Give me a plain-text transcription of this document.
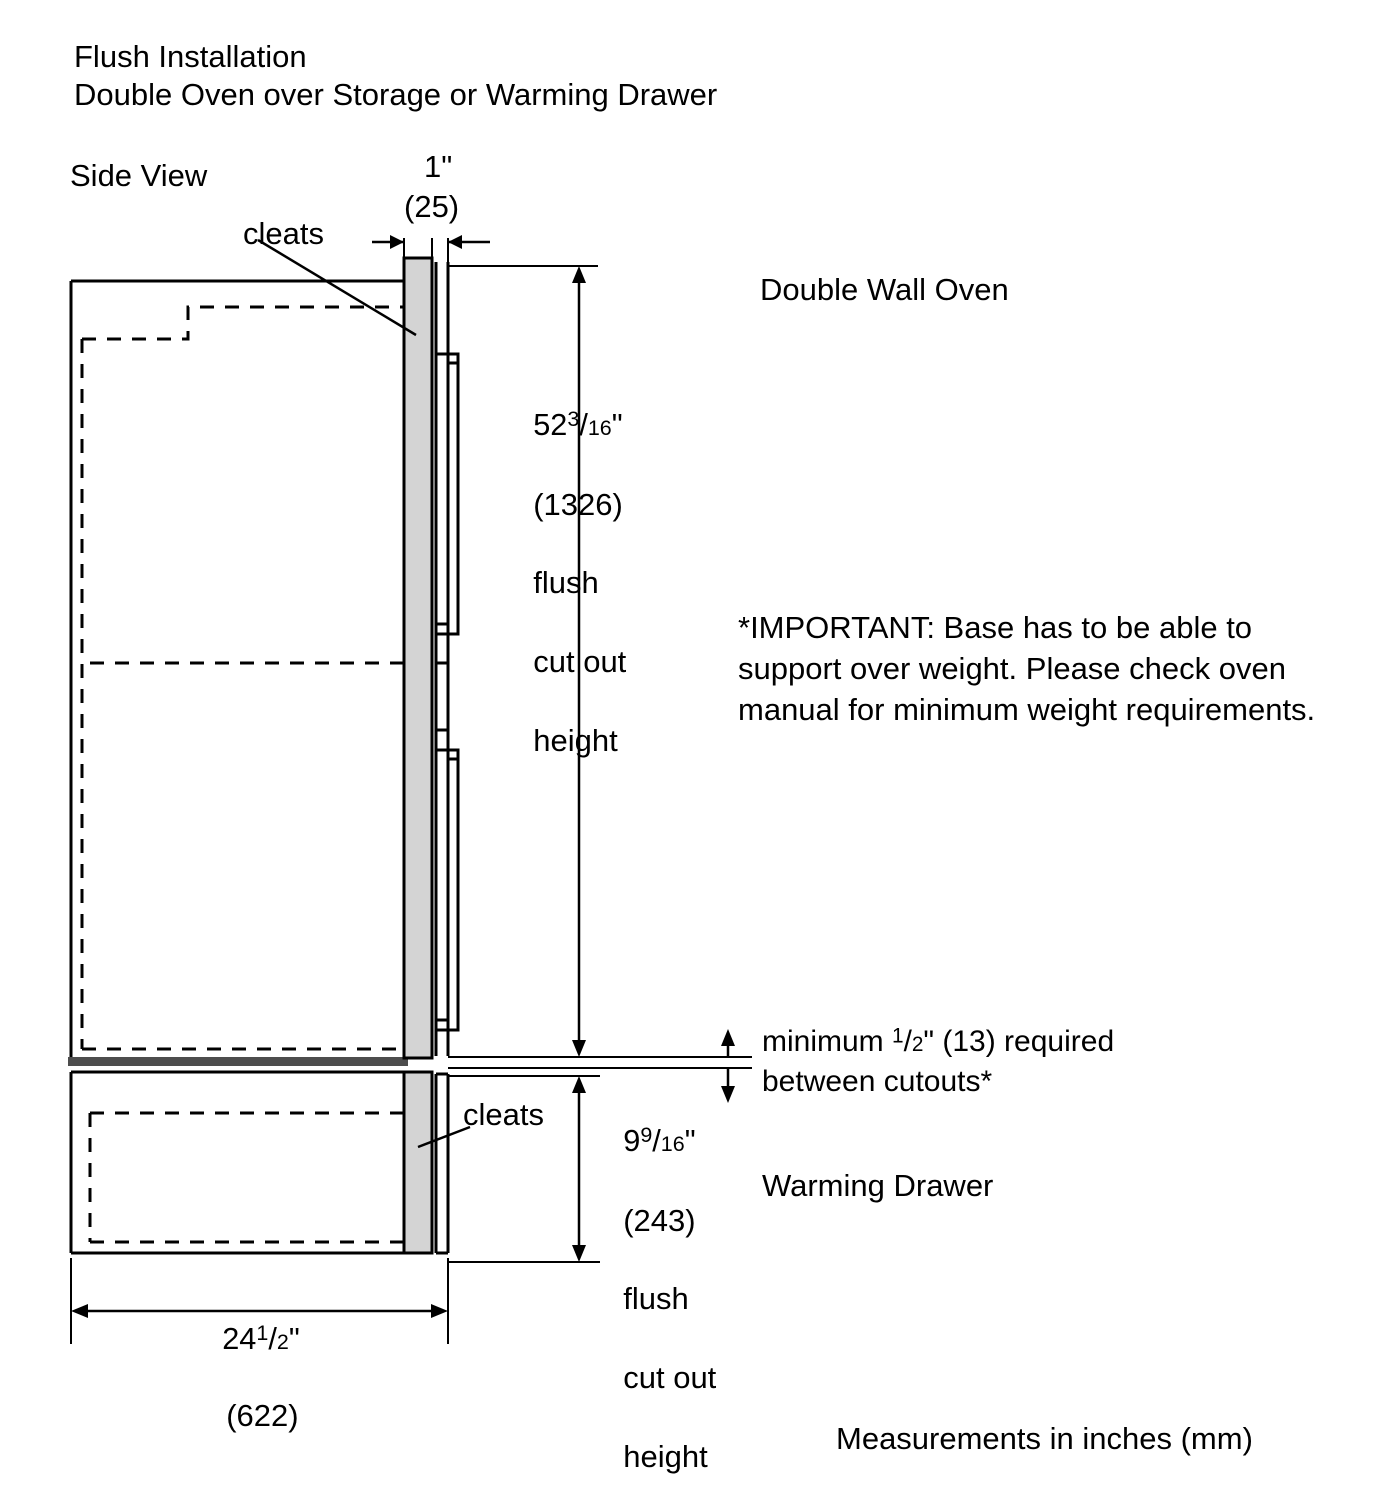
Flush Installation
Double Oven over Storage or Warming Drawer
Side View
cleats
cleats
1"
(25)

$52^3/16$"

(1326)

flush

cut out

height

$9^9/16$"

(243)

flush

cut out

height

$24^1/2$"

(622)

Double Wall Oven
*IMPORTANT: Base has to be able to support over weight. Please check oven manual for minimum weight requirements.
minimum $^1$/2" (13) required
between cutouts*
Warming Drawer
Measurements in inches (mm)
